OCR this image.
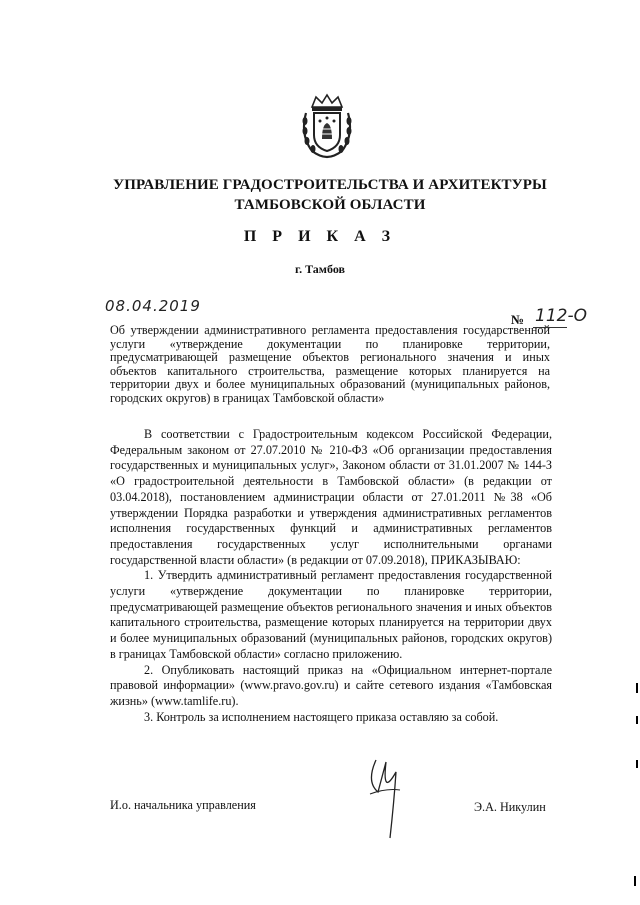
УПРАВЛЕНИЕ ГРАДОСТРОИТЕЛЬСТВА И АРХИТЕКТУРЫ
ТАМБОВСКОЙ ОБЛАСТИ
П Р И К А З
г. Тамбов
08.04.2019
№ 112-О
Об утверждении административного регламента предоставления государственной услуги «утверждение документации по планировке территории, предусматривающей размещение объектов регионального значения и иных объектов капитального строительства, размещение которых планируется на территории двух и более муниципальных образований (муниципальных районов, городских округов) в границах Тамбовской области»

В соответствии с Градостроительным кодексом Российской Федерации, Федеральным законом от 27.07.2010 № 210-ФЗ «Об организации предоставления государственных и муниципальных услуг», Законом области от 31.01.2007 № 144-З «О градостроительной деятельности в Тамбовской области» (в редакции от 03.04.2018), постановлением администрации области от 27.01.2011 №38 «Об утверждении Порядка разработки и утверждения административных регламентов исполнения государственных функций и административных регламентов предоставления государственных услуг исполнительными органами государственной власти области» (в редакции от 07.09.2018), ПРИКАЗЫВАЮ:

1. Утвердить административный регламент предоставления государственной услуги «утверждение документации по планировке территории, предусматривающей размещение объектов регионального значения и иных объектов капитального строительства, размещение которых планируется на территории двух и более муниципальных образований (муниципальных районов, городских округов) в границах Тамбовской области» согласно приложению.

2. Опубликовать настоящий приказ на «Официальном интернет-портале правовой информации» (www.pravo.gov.ru) и сайте сетевого издания «Тамбовская жизнь» (www.tamlife.ru).

3. Контроль за исполнением настоящего приказа оставляю за собой.

И.о. начальника управления	Э.А. Никулин
